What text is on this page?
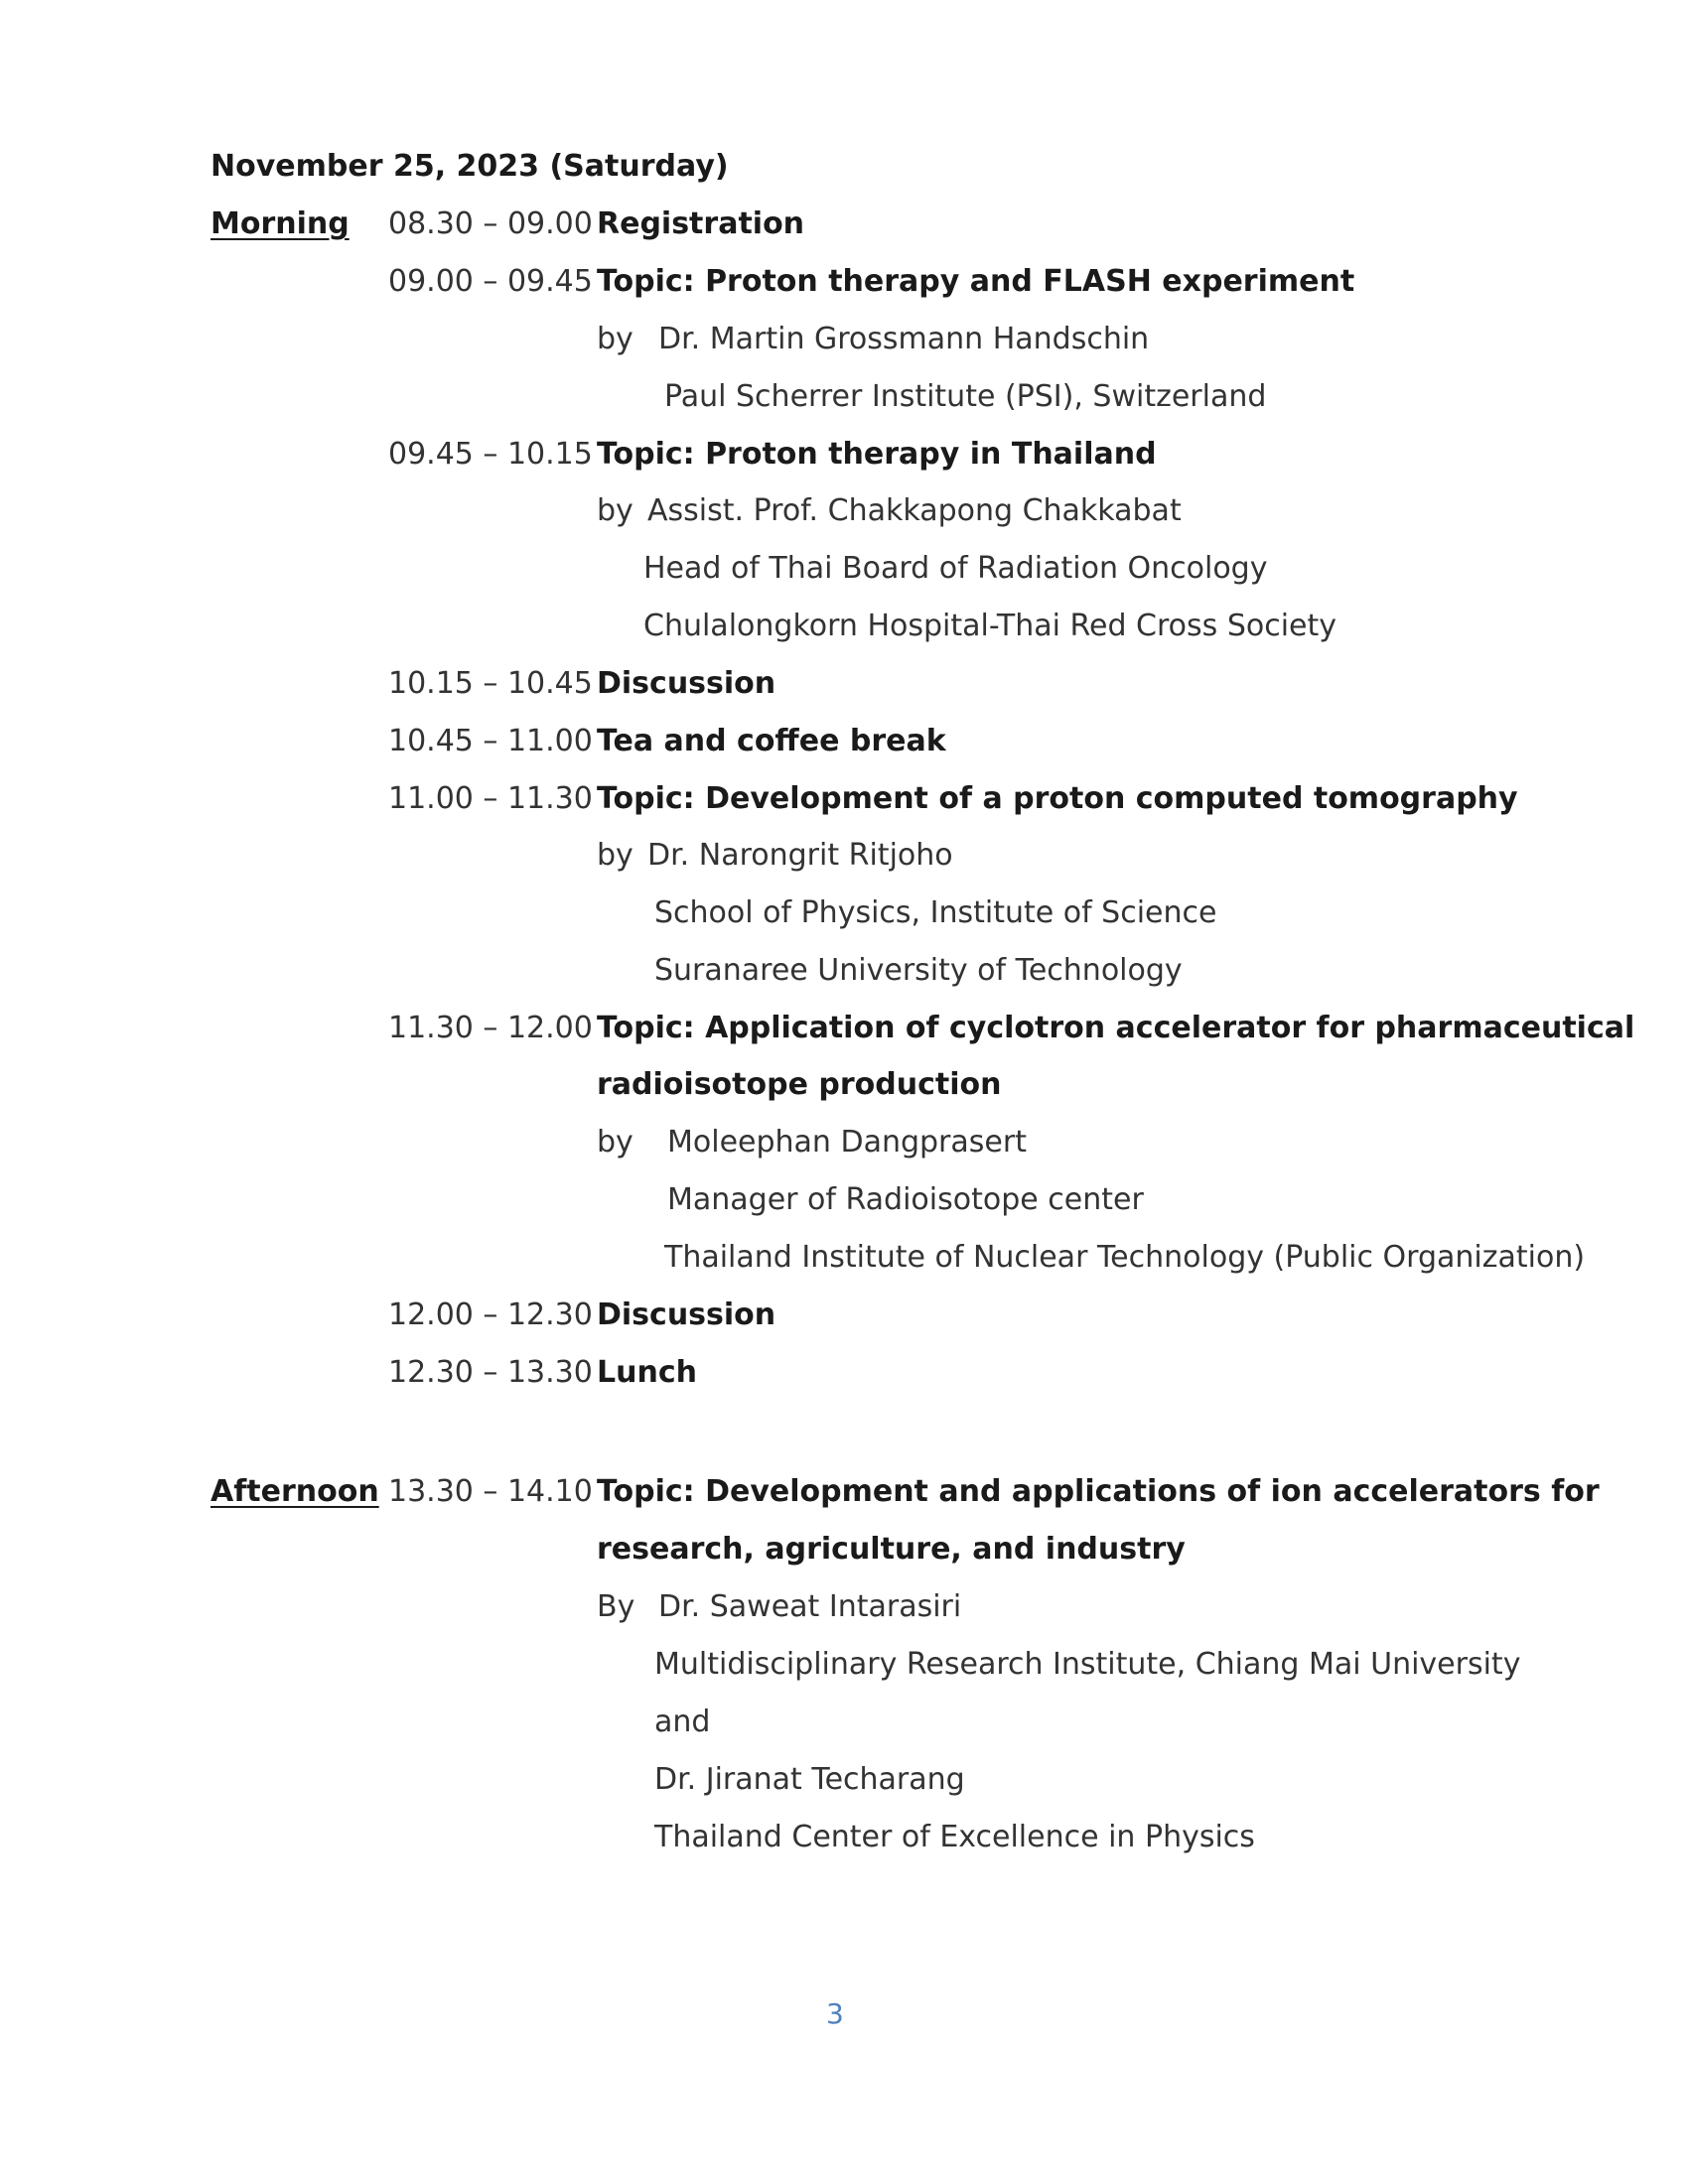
November 25, 2023 (Saturday)
Morning
Afternoon
08.30 – 09.00 Registration
09.00 – 09.45 Topic: Proton therapy and FLASH experiment
by Dr. Martin Grossmann Handschin
Paul Scherrer Institute (PSI), Switzerland
09.45 – 10.15 Topic: Proton therapy in Thailand
by Assist. Prof. Chakkapong Chakkabat
Head of Thai Board of Radiation Oncology
Chulalongkorn Hospital-Thai Red Cross Society
10.15 – 10.45 Discussion
10.45 – 11.00 Tea and coffee break
11.00 – 11.30 Topic: Development of a proton computed tomography
by Dr. Narongrit Ritjoho
School of Physics, Institute of Science
Suranaree University of Technology
11.30 – 12.00 Topic: Application of cyclotron accelerator for pharmaceutical
radioisotope production
by Moleephan Dangprasert
Manager of Radioisotope center
Thailand Institute of Nuclear Technology (Public Organization)
12.00 – 12.30 Discussion
12.30 – 13.30 Lunch
13.30 – 14.10 Topic: Development and applications of ion accelerators for
research, agriculture, and industry
By Dr. Saweat Intarasiri
Multidisciplinary Research Institute, Chiang Mai University
and
Dr. Jiranat Techarang
Thailand Center of Excellence in Physics
3
